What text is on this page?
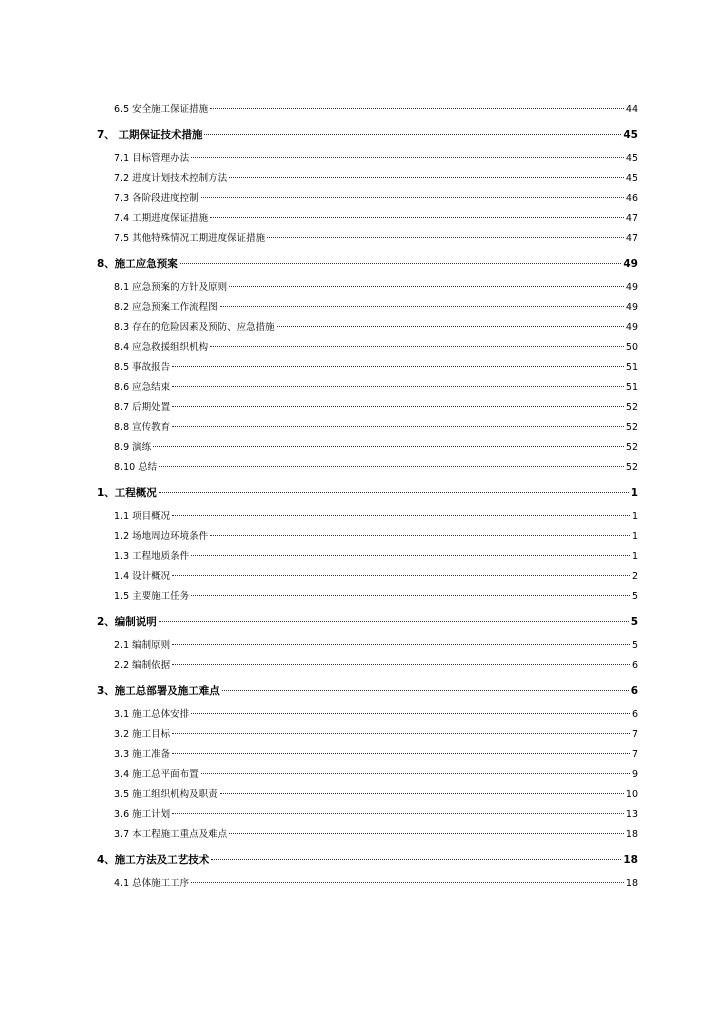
6.5 安全施工保证措施	44
7、 工期保证技术措施	45
7.1 目标管理办法	45
7.2 进度计划技术控制方法	45
7.3 各阶段进度控制	46
7.4 工期进度保证措施	47
7.5 其他特殊情况工期进度保证措施	47
8、施工应急预案	49
8.1 应急预案的方针及原则	49
8.2 应急预案工作流程图	49
8.3 存在的危险因素及预防、应急措施	49
8.4 应急救援组织机构	50
8.5 事故报告	51
8.6 应急结束	51
8.7 后期处置	52
8.8 宣传教育	52
8.9 演练	52
8.10 总结	52
1、工程概况	1
1.1 项目概况	1
1.2 场地周边环境条件	1
1.3 工程地质条件	1
1.4 设计概况	2
1.5 主要施工任务	5
2、编制说明	5
2.1 编制原则	5
2.2 编制依据	6
3、施工总部署及施工难点	6
3.1 施工总体安排	6
3.2 施工目标	7
3.3 施工准备	7
3.4 施工总平面布置	9
3.5 施工组织机构及职责	10
3.6 施工计划	13
3.7 本工程施工重点及难点	18
4、施工方法及工艺技术	18
4.1 总体施工工序	18
